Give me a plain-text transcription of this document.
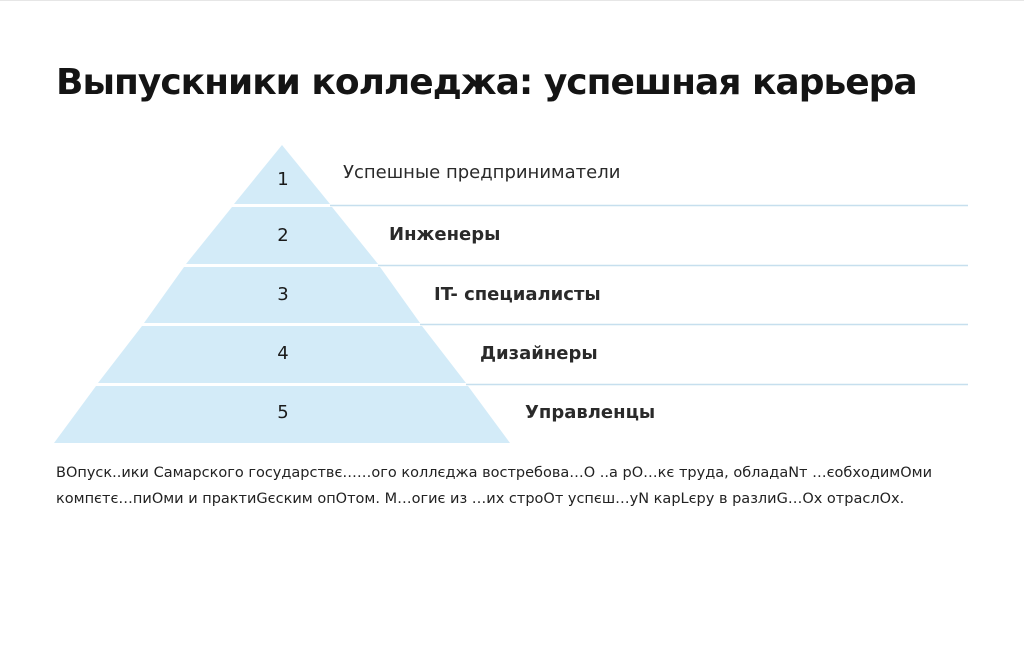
Выпускники колледжа: успешная карьера
1
2
3
4
5
Успешные предприниматели
Инженеры
IT- специалисты
Дизайнеры
Управленцы

ВОпуск..ики Самарского государствє……ого коллєджа востребова…О ..а рО…кє труда, обладаNт …єобходимОми компєтє…пиОми и практиGєским опОтом. М…огиє из …их строОт успєш…yN карLєру в разлиG…Ох отраслОх.
